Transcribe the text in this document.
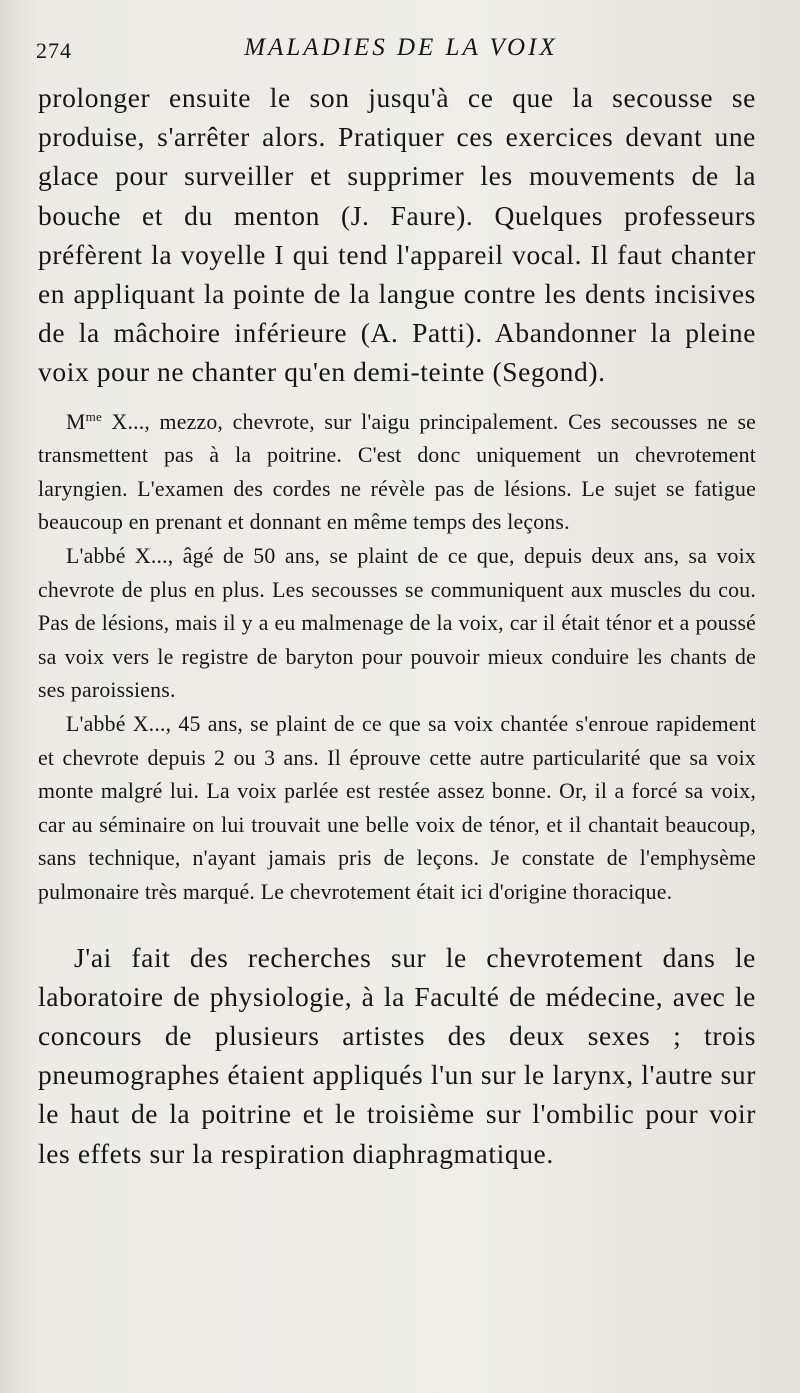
274	MALADIES DE LA VOIX

prolonger ensuite le son jusqu'à ce que la secousse se produise, s'arrêter alors. Pratiquer ces exercices devant une glace pour surveiller et supprimer les mouvements de la bouche et du menton (J. Faure). Quelques professeurs préfèrent la voyelle I qui tend l'appareil vocal. Il faut chanter en appliquant la pointe de la langue contre les dents incisives de la mâchoire inférieure (A. Patti). Abandonner la pleine voix pour ne chanter qu'en demi-teinte (Segond).

$M^{me}$ X..., mezzo, chevrote, sur l'aigu principalement. Ces secousses ne se transmettent pas à la poitrine. C'est donc uniquement un chevrotement laryngien. L'examen des cordes ne révèle pas de lésions. Le sujet se fatigue beaucoup en prenant et donnant en même temps des leçons.

L'abbé X..., âgé de 50 ans, se plaint de ce que, depuis deux ans, sa voix chevrote de plus en plus. Les secousses se communiquent aux muscles du cou. Pas de lésions, mais il y a eu malmenage de la voix, car il était ténor et a poussé sa voix vers le registre de baryton pour pouvoir mieux conduire les chants de ses paroissiens.

L'abbé X..., 45 ans, se plaint de ce que sa voix chantée s'enroue rapidement et chevrote depuis 2 ou 3 ans. Il éprouve cette autre particularité que sa voix monte malgré lui. La voix parlée est restée assez bonne. Or, il a forcé sa voix, car au séminaire on lui trouvait une belle voix de ténor, et il chantait beaucoup, sans technique, n'ayant jamais pris de leçons. Je constate de l'emphysème pulmonaire très marqué. Le chevrotement était ici d'origine thoracique.

J'ai fait des recherches sur le chevrotement dans le laboratoire de physiologie, à la Faculté de médecine, avec le concours de plusieurs artistes des deux sexes ; trois pneumographes étaient appliqués l'un sur le larynx, l'autre sur le haut de la poitrine et le troisième sur l'ombilic pour voir les effets sur la respiration diaphragmatique.
